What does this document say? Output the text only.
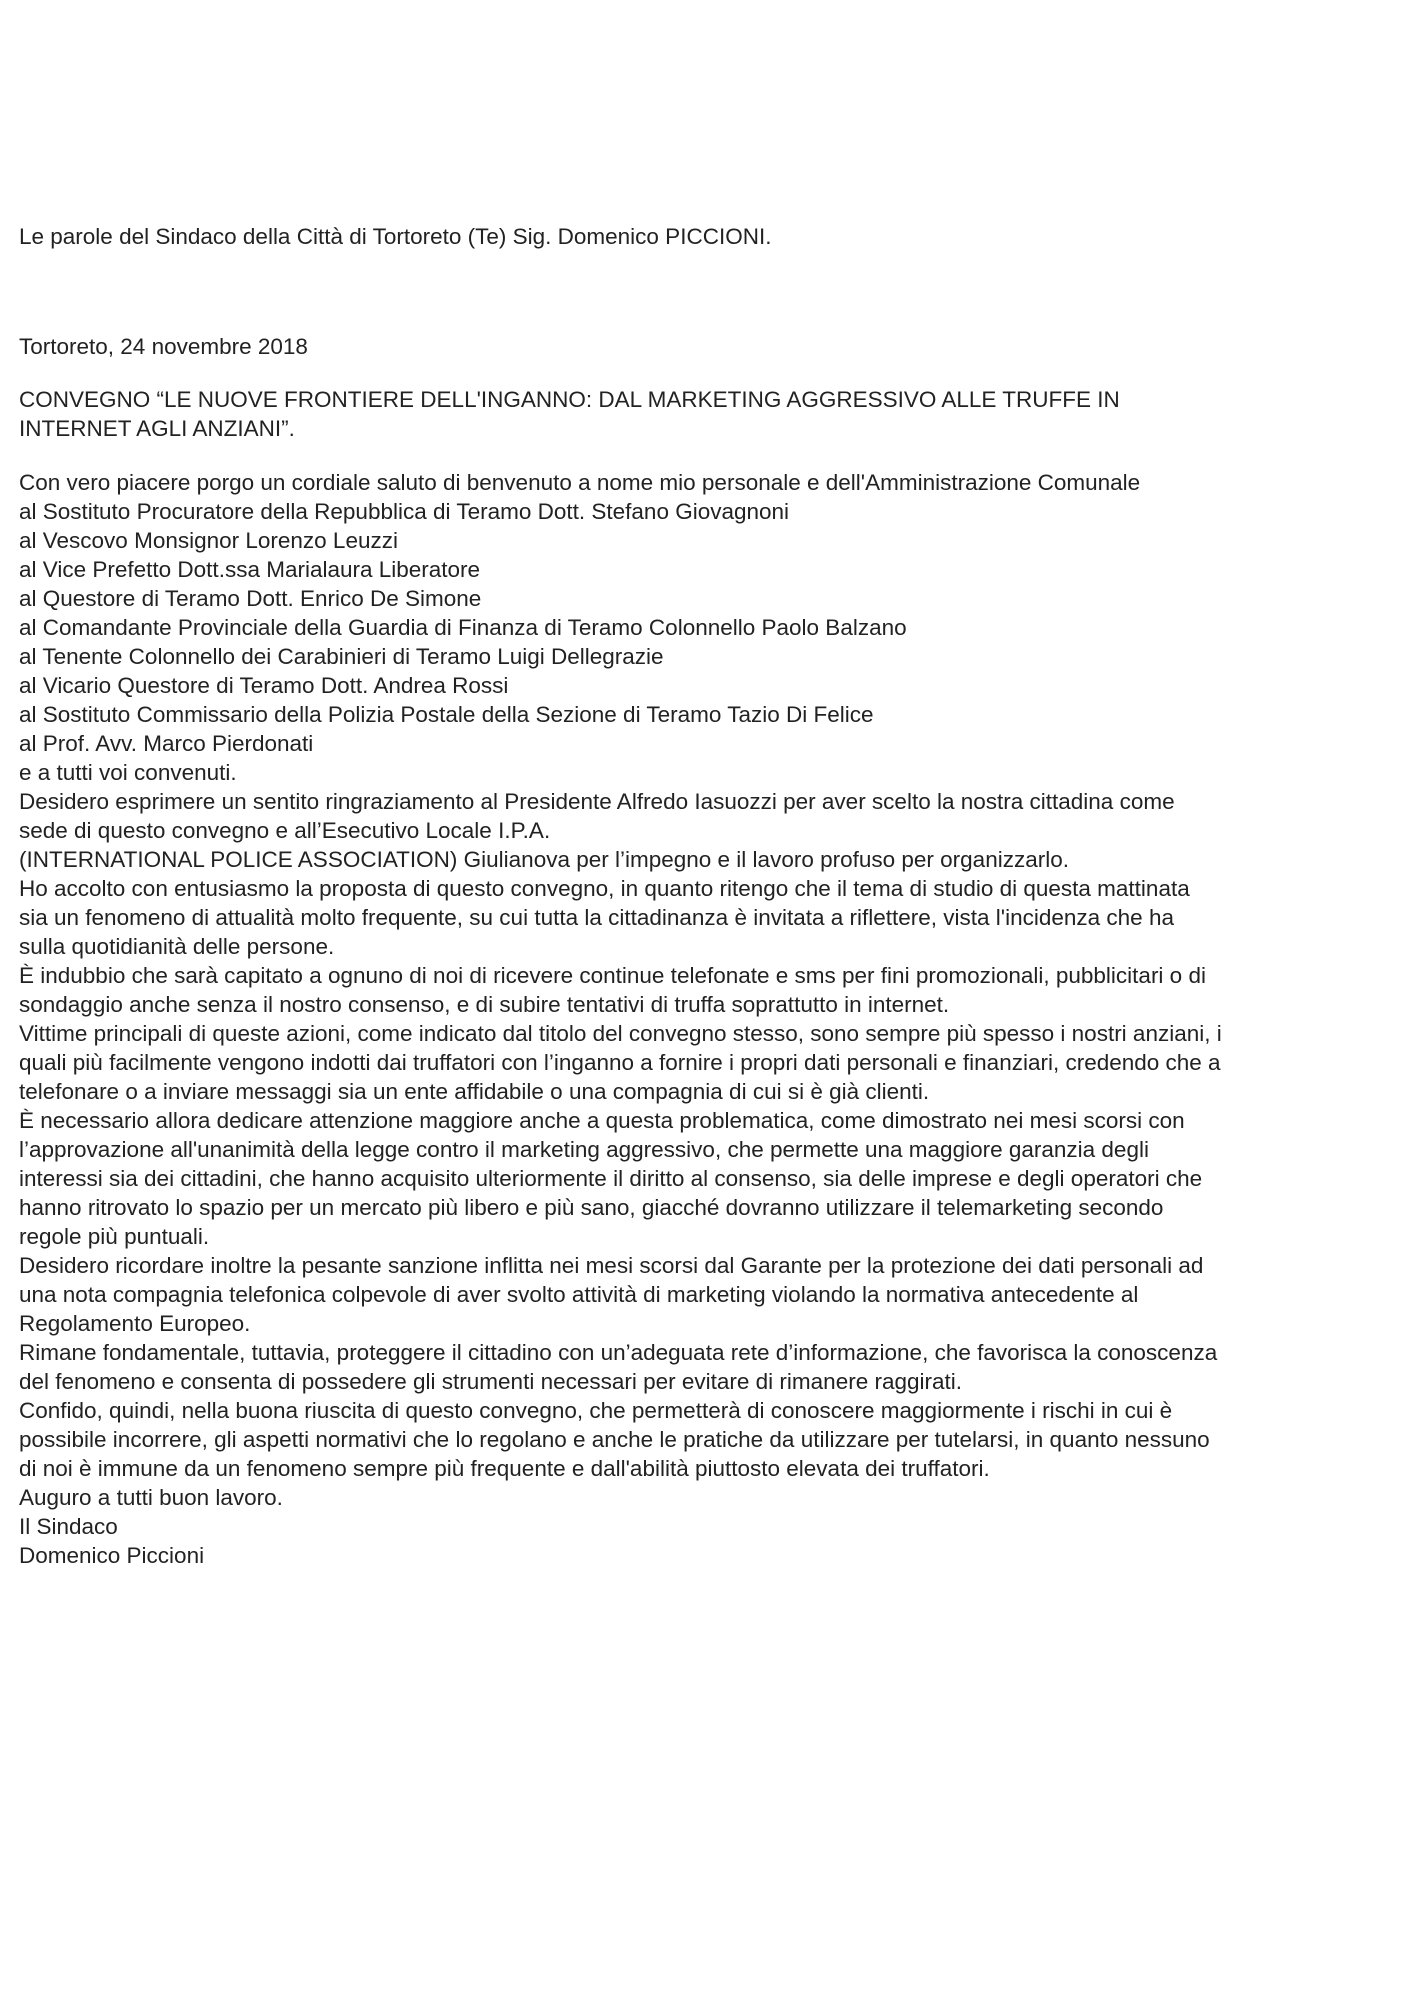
Le parole del Sindaco della Città di Tortoreto (Te) Sig. Domenico PICCIONI.

Tortoreto, 24 novembre 2018

CONVEGNO “LE NUOVE FRONTIERE DELL'INGANNO: DAL MARKETING AGGRESSIVO ALLE TRUFFE IN
INTERNET AGLI ANZIANI”.
Con vero piacere porgo un cordiale saluto di benvenuto a nome mio personale e dell'Amministrazione Comunale
al Sostituto Procuratore della Repubblica di Teramo Dott. Stefano Giovagnoni
al Vescovo Monsignor Lorenzo Leuzzi
al Vice Prefetto Dott.ssa Marialaura Liberatore
al Questore di Teramo Dott. Enrico De Simone
al Comandante Provinciale della Guardia di Finanza di Teramo Colonnello Paolo Balzano
al Tenente Colonnello dei Carabinieri di Teramo Luigi Dellegrazie
al Vicario Questore di Teramo Dott. Andrea Rossi
al Sostituto Commissario della Polizia Postale della Sezione di Teramo Tazio Di Felice
al Prof. Avv. Marco Pierdonati
e a tutti voi convenuti.
Desidero esprimere un sentito ringraziamento al Presidente Alfredo Iasuozzi per aver scelto la nostra cittadina come
sede di questo convegno e all’Esecutivo Locale I.P.A.
(INTERNATIONAL POLICE ASSOCIATION) Giulianova per l’impegno e il lavoro profuso per organizzarlo.
Ho accolto con entusiasmo la proposta di questo convegno, in quanto ritengo che il tema di studio di questa mattinata
sia un fenomeno di attualità molto frequente, su cui tutta la cittadinanza è invitata a riflettere, vista l'incidenza che ha
sulla quotidianità delle persone.
È indubbio che sarà capitato a ognuno di noi di ricevere continue telefonate e sms per fini promozionali, pubblicitari o di
sondaggio anche senza il nostro consenso, e di subire tentativi di truffa soprattutto in internet.
Vittime principali di queste azioni, come indicato dal titolo del convegno stesso, sono sempre più spesso i nostri anziani, i
quali più facilmente vengono indotti dai truffatori con l’inganno a fornire i propri dati personali e finanziari, credendo che a
telefonare o a inviare messaggi sia un ente affidabile o una compagnia di cui si è già clienti.
È necessario allora dedicare attenzione maggiore anche a questa problematica, come dimostrato nei mesi scorsi con
l’approvazione all'unanimità della legge contro il marketing aggressivo, che permette una maggiore garanzia degli
interessi sia dei cittadini, che hanno acquisito ulteriormente il diritto al consenso, sia delle imprese e degli operatori che
hanno ritrovato lo spazio per un mercato più libero e più sano, giacché dovranno utilizzare il telemarketing secondo
regole più puntuali.
Desidero ricordare inoltre la pesante sanzione inflitta nei mesi scorsi dal Garante per la protezione dei dati personali ad
una nota compagnia telefonica colpevole di aver svolto attività di marketing violando la normativa antecedente al
Regolamento Europeo.
Rimane fondamentale, tuttavia, proteggere il cittadino con un’adeguata rete d’informazione, che favorisca la conoscenza
del fenomeno e consenta di possedere gli strumenti necessari per evitare di rimanere raggirati.
Confido, quindi, nella buona riuscita di questo convegno, che permetterà di conoscere maggiormente i rischi in cui è
possibile incorrere, gli aspetti normativi che lo regolano e anche le pratiche da utilizzare per tutelarsi, in quanto nessuno
di noi è immune da un fenomeno sempre più frequente e dall'abilità piuttosto elevata dei truffatori.
Auguro a tutti buon lavoro.
Il Sindaco
Domenico Piccioni
